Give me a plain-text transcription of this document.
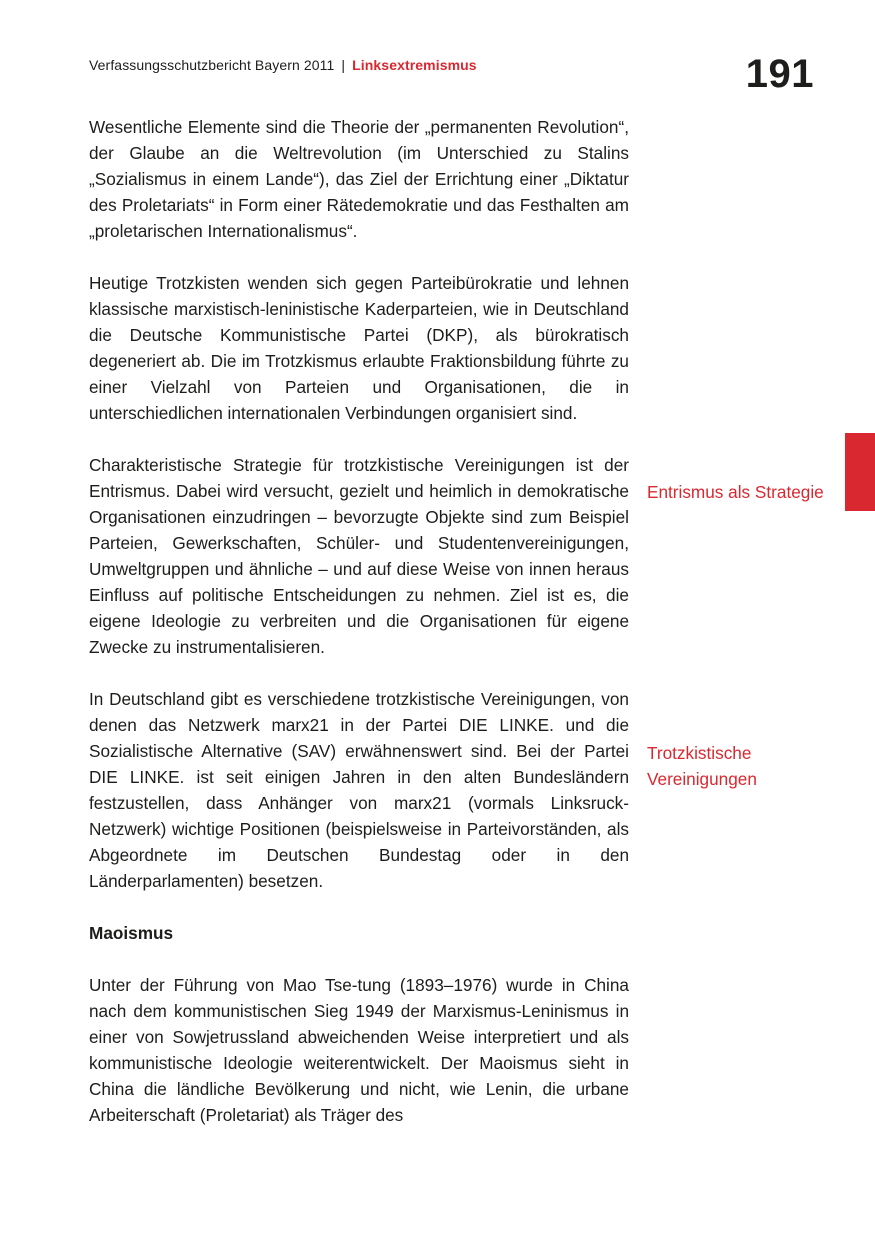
Verfassungsschutzbericht Bayern 2011 | Linksextremismus	191

Wesentliche Elemente sind die Theorie der „permanenten Revolution“, der Glaube an die Weltrevolution (im Unterschied zu Stalins „Sozialismus in einem Lande“), das Ziel der Errichtung einer „Diktatur des Proletariats“ in Form einer Rätedemokratie und das Festhalten am „proletarischen Internationalismus“.

Heutige Trotzkisten wenden sich gegen Parteibürokratie und lehnen klassische marxistisch-leninistische Kaderparteien, wie in Deutschland die Deutsche Kommunistische Partei (DKP), als bürokratisch degeneriert ab. Die im Trotzkismus erlaubte Fraktionsbildung führte zu einer Vielzahl von Parteien und Organisationen, die in unterschiedlichen internationalen Verbindungen organisiert sind.

Charakteristische Strategie für trotzkistische Vereinigungen ist der Entrismus. Dabei wird versucht, gezielt und heimlich in demokratische Organisationen einzudringen – bevorzugte Objekte sind zum Beispiel Parteien, Gewerkschaften, Schüler- und Studentenvereinigungen, Umweltgruppen und ähnliche – und auf diese Weise von innen heraus Einfluss auf politische Entscheidungen zu nehmen. Ziel ist es, die eigene Ideologie zu verbreiten und die Organisationen für eigene Zwecke zu instrumentalisieren.

In Deutschland gibt es verschiedene trotzkistische Vereinigungen, von denen das Netzwerk marx21 in der Partei DIE LINKE. und die Sozialistische Alternative (SAV) erwähnenswert sind. Bei der Partei DIE LINKE. ist seit einigen Jahren in den alten Bundesländern festzustellen, dass Anhänger von marx21 (vormals Linksruck-Netzwerk) wichtige Positionen (beispielsweise in Parteivorständen, als Abgeordnete im Deutschen Bundestag oder in den Länderparlamenten) besetzen.

Maoismus

Unter der Führung von Mao Tse-tung (1893–1976) wurde in China nach dem kommunistischen Sieg 1949 der Marxismus-Leninismus in einer von Sowjetrussland abweichenden Weise interpretiert und als kommunistische Ideologie weiterentwickelt. Der Maoismus sieht in China die ländliche Bevölkerung und nicht, wie Lenin, die urbane Arbeiterschaft (Proletariat) als Träger des

Entrismus als Strategie
Trotzkistische Vereinigungen
